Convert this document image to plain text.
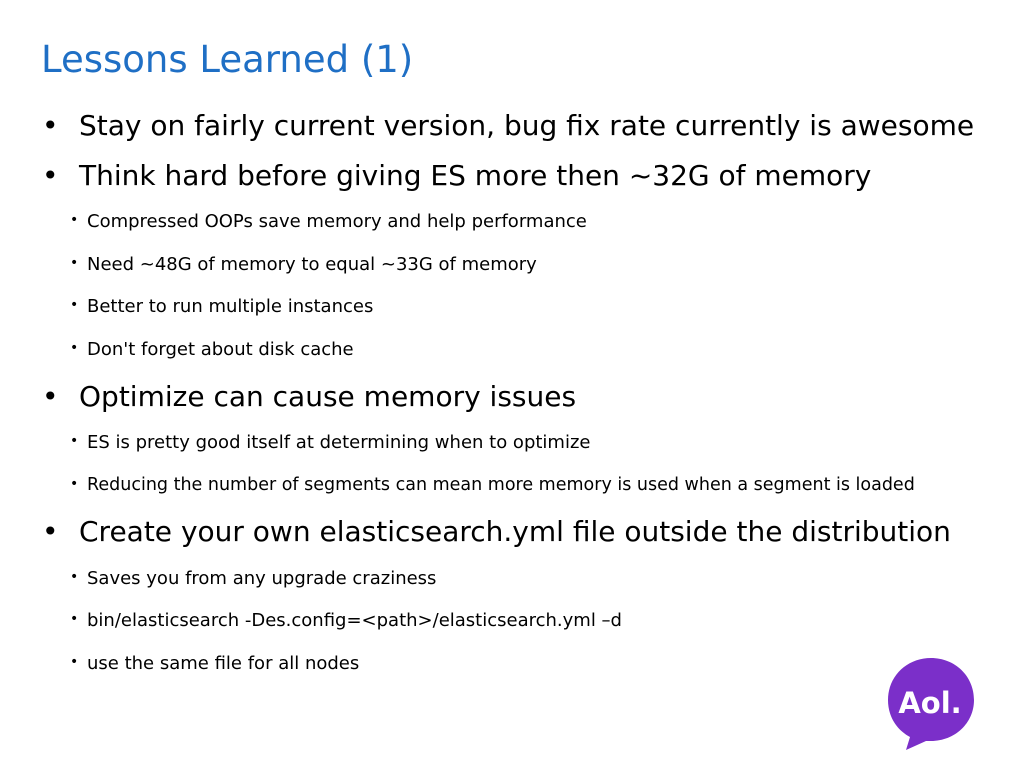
Lessons Learned (1)
• Stay on fairly current version, bug fix rate currently is awesome
• Think hard before giving ES more then ~32G of memory
• Compressed OOPs save memory and help performance
• Need ~48G of memory to equal ~33G of memory
• Better to run multiple instances
• Don't forget about disk cache
• Optimize can cause memory issues
• ES is pretty good itself at determining when to optimize
• Reducing the number of segments can mean more memory is used when a segment is loaded
• Create your own elasticsearch.yml file outside the distribution
• Saves you from any upgrade craziness
• bin/elasticsearch -Des.config=<path>/elasticsearch.yml –d
• use the same file for all nodes
Aol.
